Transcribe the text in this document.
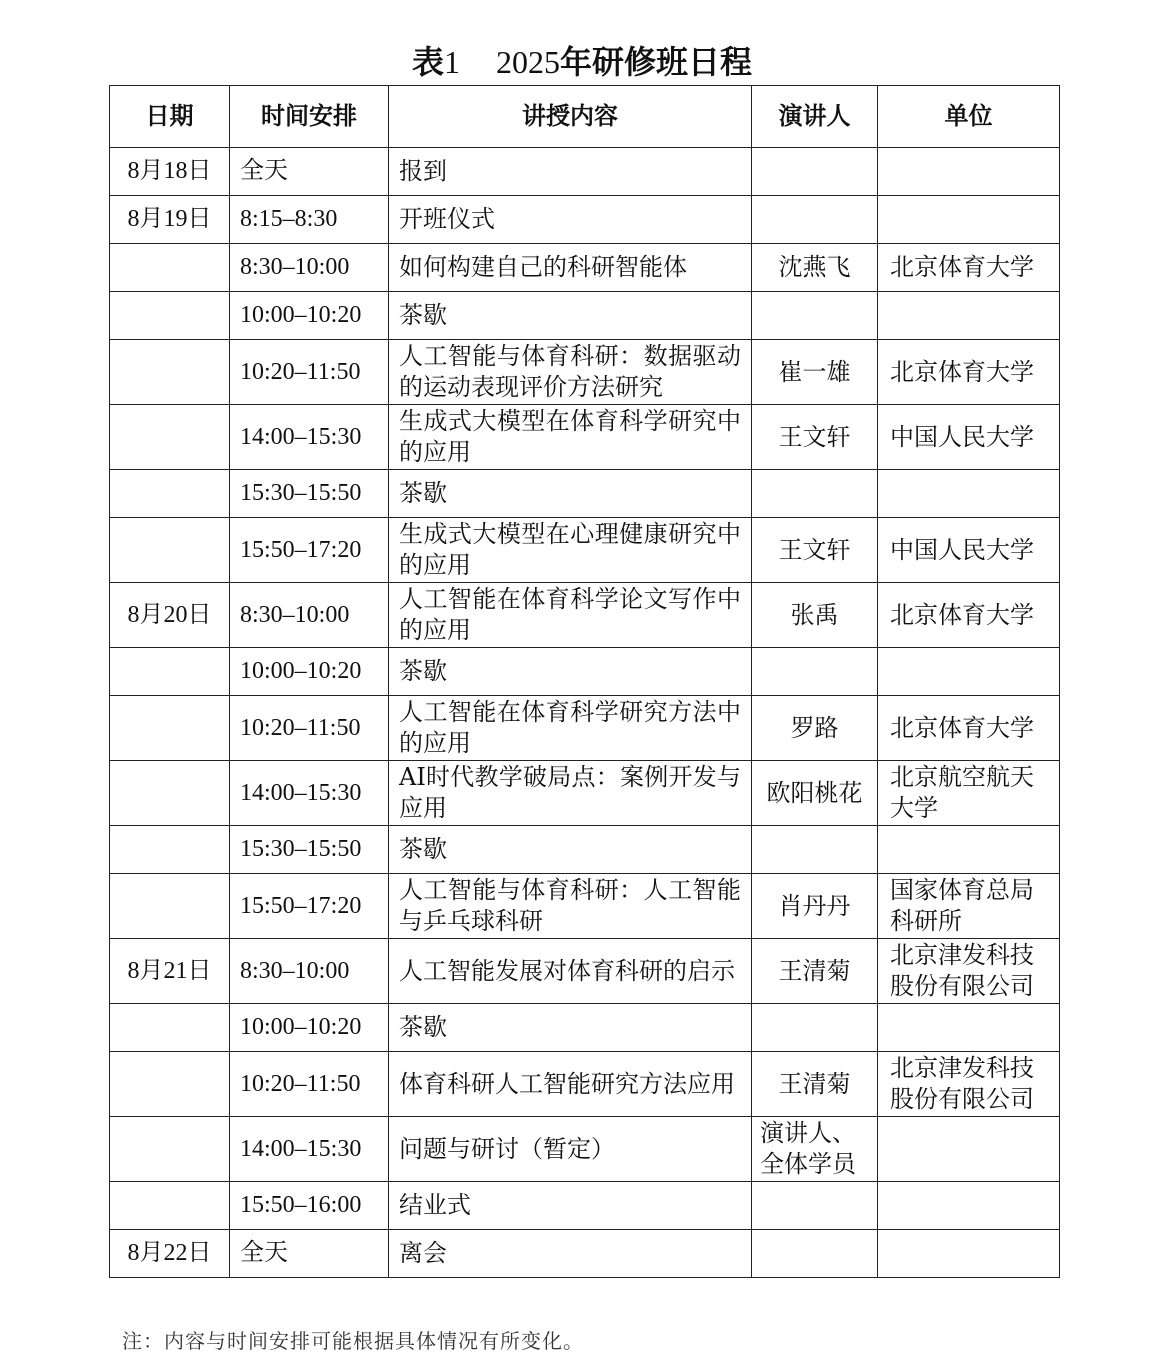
表1 2025年研修班日程
日期	时间安排	讲授内容	演讲人	单位
8月18日	全天	报到		
8月19日	8:15–8:30	开班仪式		
	8:30–10:00	如何构建自己的科研智能体	沈燕飞	北京体育大学
	10:00–10:20	茶歇		
	10:20–11:50	人工智能与体育科研：数据驱动的运动表现评价方法研究	崔一雄	北京体育大学
	14:00–15:30	生成式大模型在体育科学研究中的应用	王文轩	中国人民大学
	15:30–15:50	茶歇		
	15:50–17:20	生成式大模型在心理健康研究中的应用	王文轩	中国人民大学
8月20日	8:30–10:00	人工智能在体育科学论文写作中的应用	张禹	北京体育大学
	10:00–10:20	茶歇		
	10:20–11:50	人工智能在体育科学研究方法中的应用	罗路	北京体育大学
	14:00–15:30	AI时代教学破局点：案例开发与应用	欧阳桃花	北京航空航天大学
	15:30–15:50	茶歇		
	15:50–17:20	人工智能与体育科研：人工智能与乒乓球科研	肖丹丹	国家体育总局科研所
8月21日	8:30–10:00	人工智能发展对体育科研的启示	王清菊	北京津发科技股份有限公司
	10:00–10:20	茶歇		
	10:20–11:50	体育科研人工智能研究方法应用	王清菊	北京津发科技股份有限公司
	14:00–15:30	问题与研讨（暂定）	演讲人、全体学员	
	15:50–16:00	结业式		
8月22日	全天	离会		
注：内容与时间安排可能根据具体情况有所变化。
